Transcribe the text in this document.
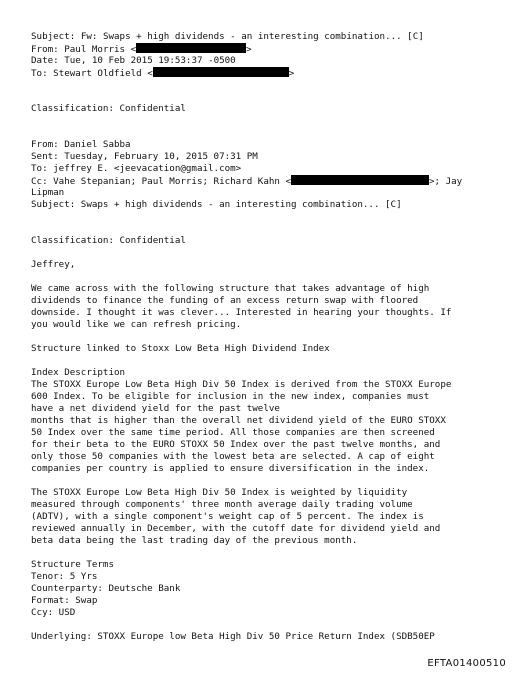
Subject: Fw: Swaps + high dividends - an interesting combination... [C]
From: Paul Morris <	>
Date: Tue, 10 Feb 2015 19:53:37 -0500
To: Stewart Oldfield <	>
Classification: Confidential
From: Daniel Sabba
Sent: Tuesday, February 10, 2015 07:31 PM
To: jeffrey E. <jeevacation@gmail.com>
Cc: Vahe Stepanian; Paul Morris; Richard Kahn <	>; Jay
Lipman
Subject: Swaps + high dividends - an interesting combination... [C]
Classification: Confidential
Jeffrey,
We came across with the following structure that takes advantage of high
dividends to finance the funding of an excess return swap with floored
downside. I thought it was clever... Interested in hearing your thoughts. If
you would like we can refresh pricing.
Structure linked to Stoxx Low Beta High Dividend Index
Index Description
The STOXX Europe Low Beta High Div 50 Index is derived from the STOXX Europe
600 Index. To be eligible for inclusion in the new index, companies must
have a net dividend yield for the past twelve
months that is higher than the overall net dividend yield of the EURO STOXX
50 Index over the same time period. All those companies are then screened
for their beta to the EURO STOXX 50 Index over the past twelve months, and
only those 50 companies with the lowest beta are selected. A cap of eight
companies per country is applied to ensure diversification in the index.
The STOXX Europe Low Beta High Div 50 Index is weighted by liquidity
measured through components' three month average daily trading volume
(ADTV), with a single component's weight cap of 5 percent. The index is
reviewed annually in December, with the cutoff date for dividend yield and
beta data being the last trading day of the previous month.
Structure Terms
Tenor: 5 Yrs
Counterparty: Deutsche Bank
Format: Swap
Ccy: USD
Underlying: STOXX Europe low Beta High Div 50 Price Return Index (SDB50EP
EFTA01400510
